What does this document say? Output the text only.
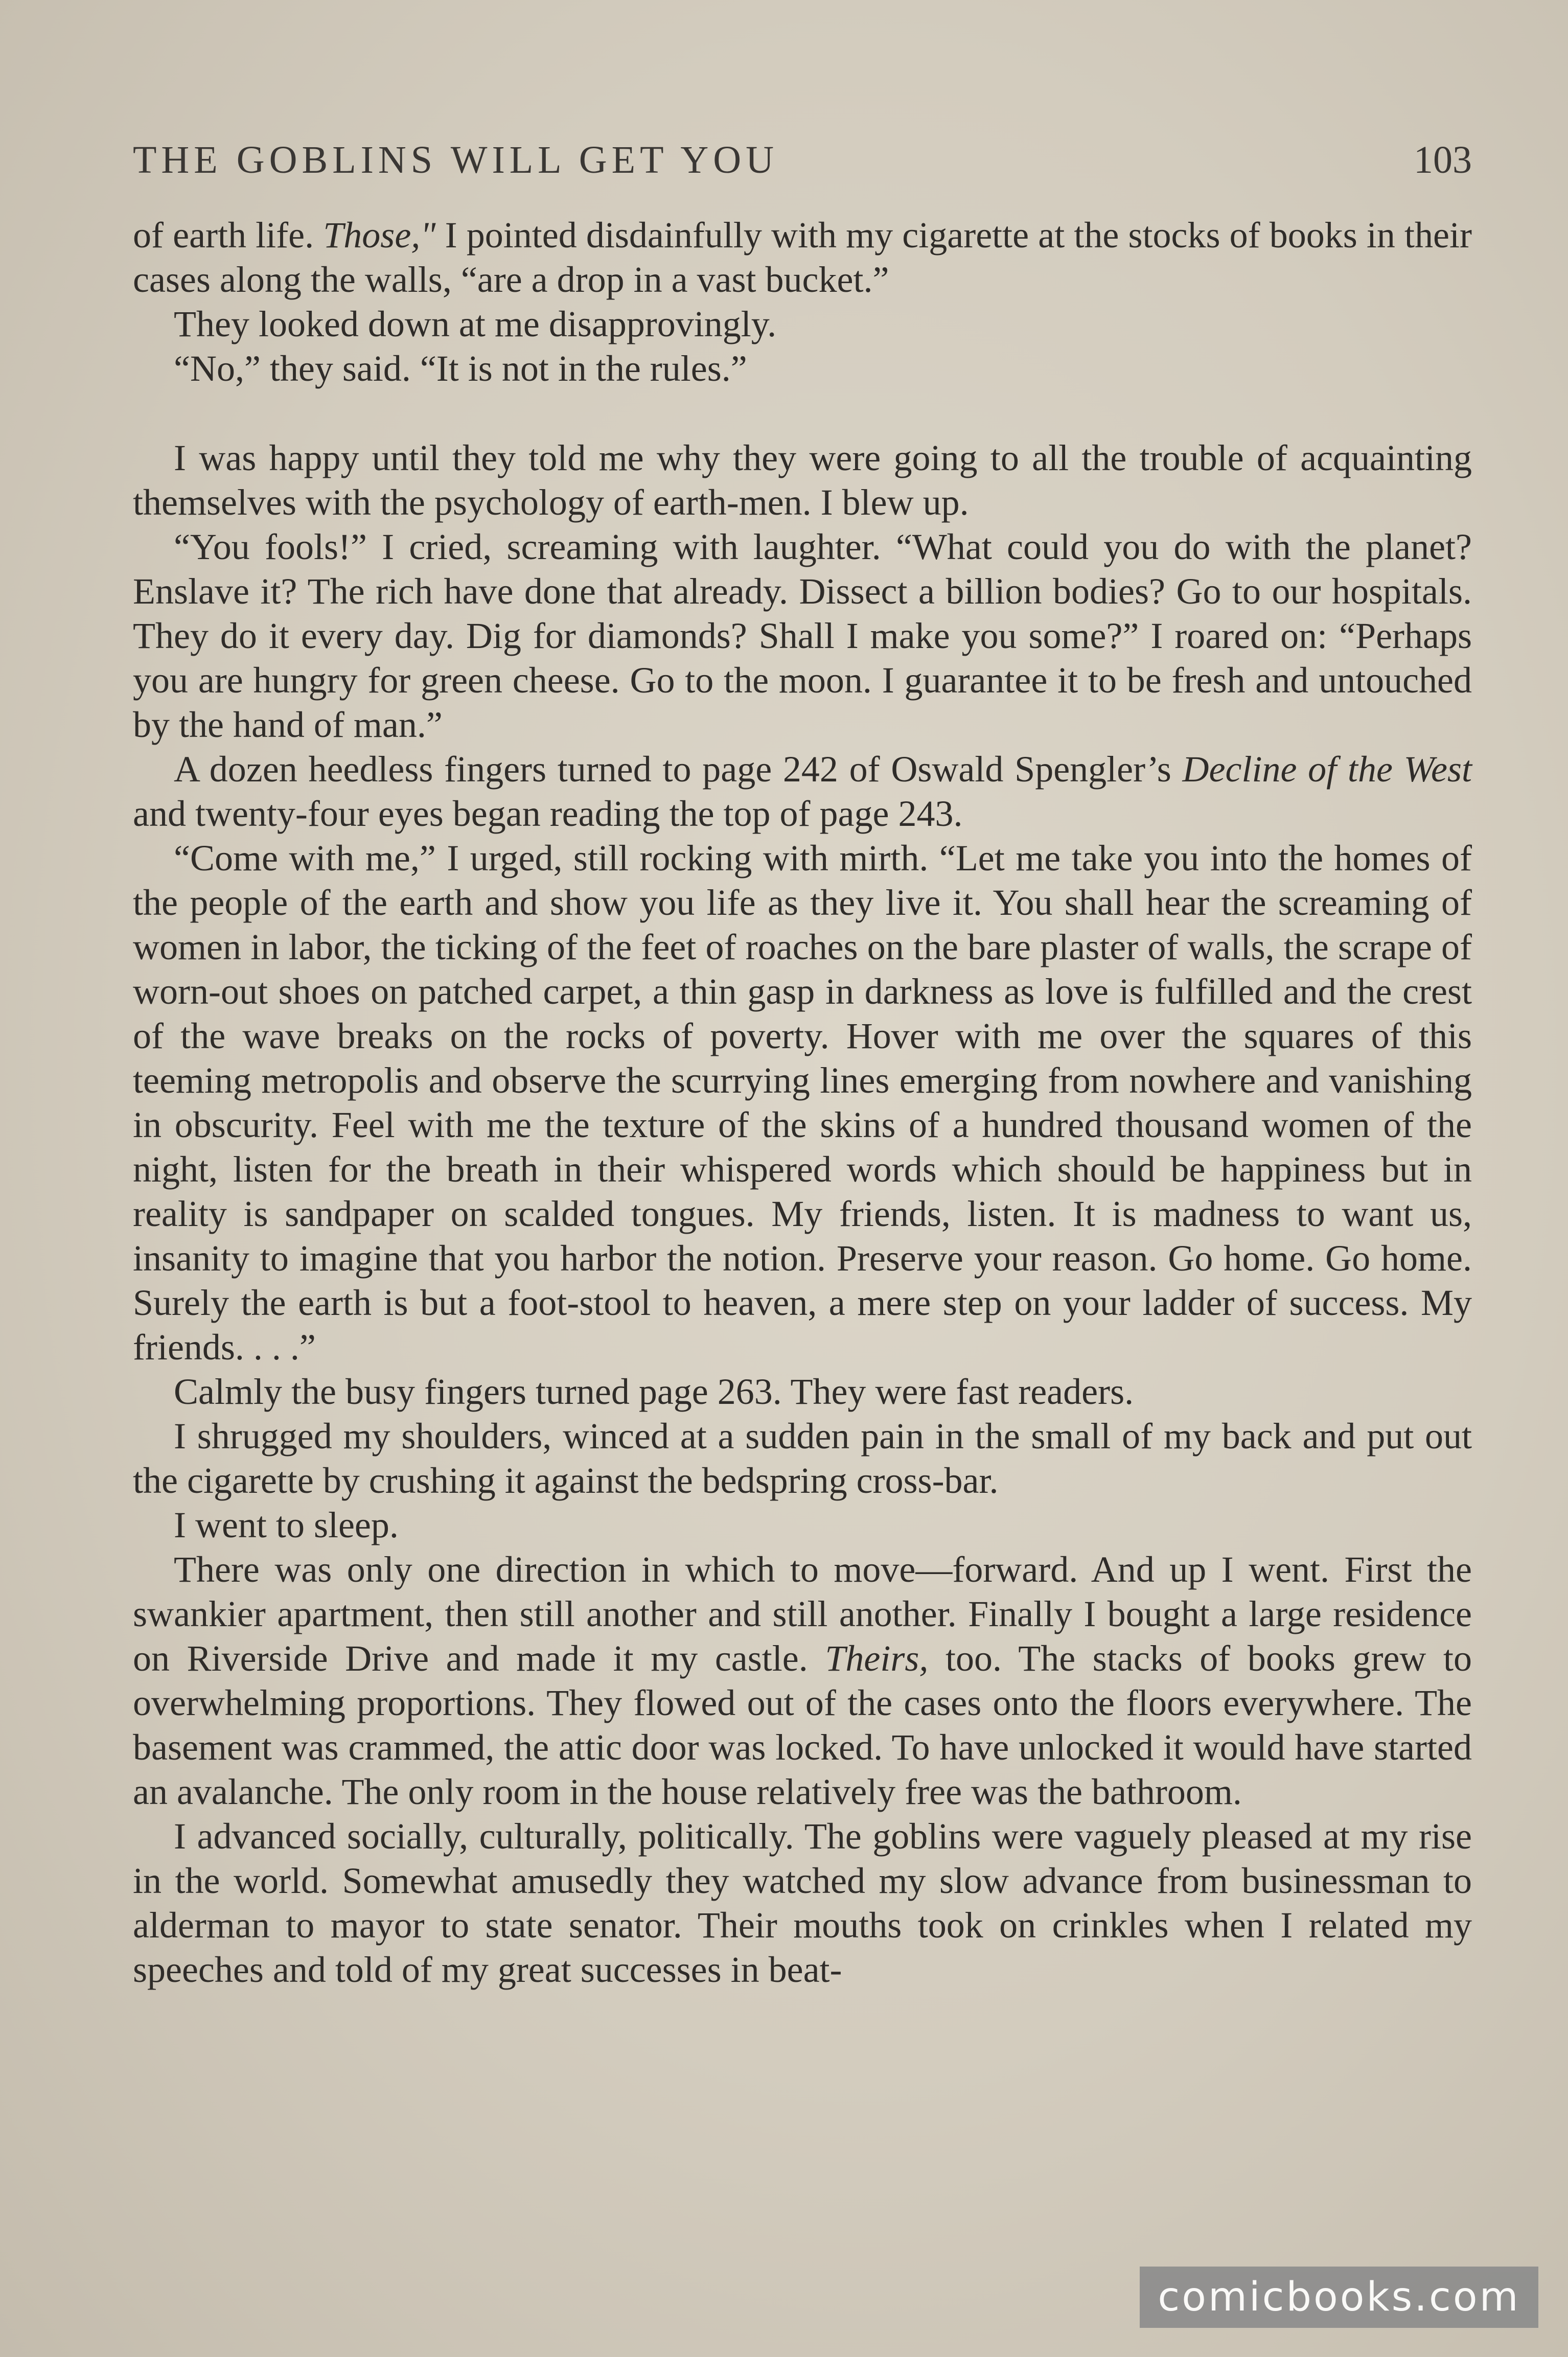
THE GOBLINS WILL GET YOU	103

of earth life. Those," I pointed disdainfully with my cigarette at the stocks of books in their cases along the walls, “are a drop in a vast bucket.”

They looked down at me disapprovingly.

“No,” they said. “It is not in the rules.”

I was happy until they told me why they were going to all the trouble of acquainting themselves with the psychology of earth-men. I blew up.

“You fools!” I cried, screaming with laughter. “What could you do with the planet? Enslave it? The rich have done that already. Dissect a billion bodies? Go to our hospitals. They do it every day. Dig for diamonds? Shall I make you some?” I roared on: “Perhaps you are hungry for green cheese. Go to the moon. I guarantee it to be fresh and untouched by the hand of man.”

A dozen heedless fingers turned to page 242 of Oswald Spengler’s Decline of the West and twenty-four eyes began reading the top of page 243.

“Come with me,” I urged, still rocking with mirth. “Let me take you into the homes of the people of the earth and show you life as they live it. You shall hear the screaming of women in labor, the ticking of the feet of roaches on the bare plaster of walls, the scrape of worn-out shoes on patched carpet, a thin gasp in darkness as love is fulfilled and the crest of the wave breaks on the rocks of poverty. Hover with me over the squares of this teeming metropolis and observe the scurrying lines emerging from nowhere and vanishing in obscurity. Feel with me the texture of the skins of a hundred thousand women of the night, listen for the breath in their whispered words which should be happiness but in reality is sandpaper on scalded tongues. My friends, listen. It is madness to want us, insanity to imagine that you harbor the notion. Preserve your reason. Go home. Go home. Surely the earth is but a foot-stool to heaven, a mere step on your ladder of success. My friends. . . .”

Calmly the busy fingers turned page 263. They were fast readers.

I shrugged my shoulders, winced at a sudden pain in the small of my back and put out the cigarette by crushing it against the bedspring cross-bar.

I went to sleep.

There was only one direction in which to move—forward. And up I went. First the swankier apartment, then still another and still another. Finally I bought a large residence on Riverside Drive and made it my castle. Theirs, too. The stacks of books grew to overwhelming proportions. They flowed out of the cases onto the floors everywhere. The basement was crammed, the attic door was locked. To have unlocked it would have started an avalanche. The only room in the house relatively free was the bathroom.

I advanced socially, culturally, politically. The goblins were vaguely pleased at my rise in the world. Somewhat amusedly they watched my slow advance from businessman to alderman to mayor to state senator. Their mouths took on crinkles when I related my speeches and told of my great successes in beat-

comicbooks.com
